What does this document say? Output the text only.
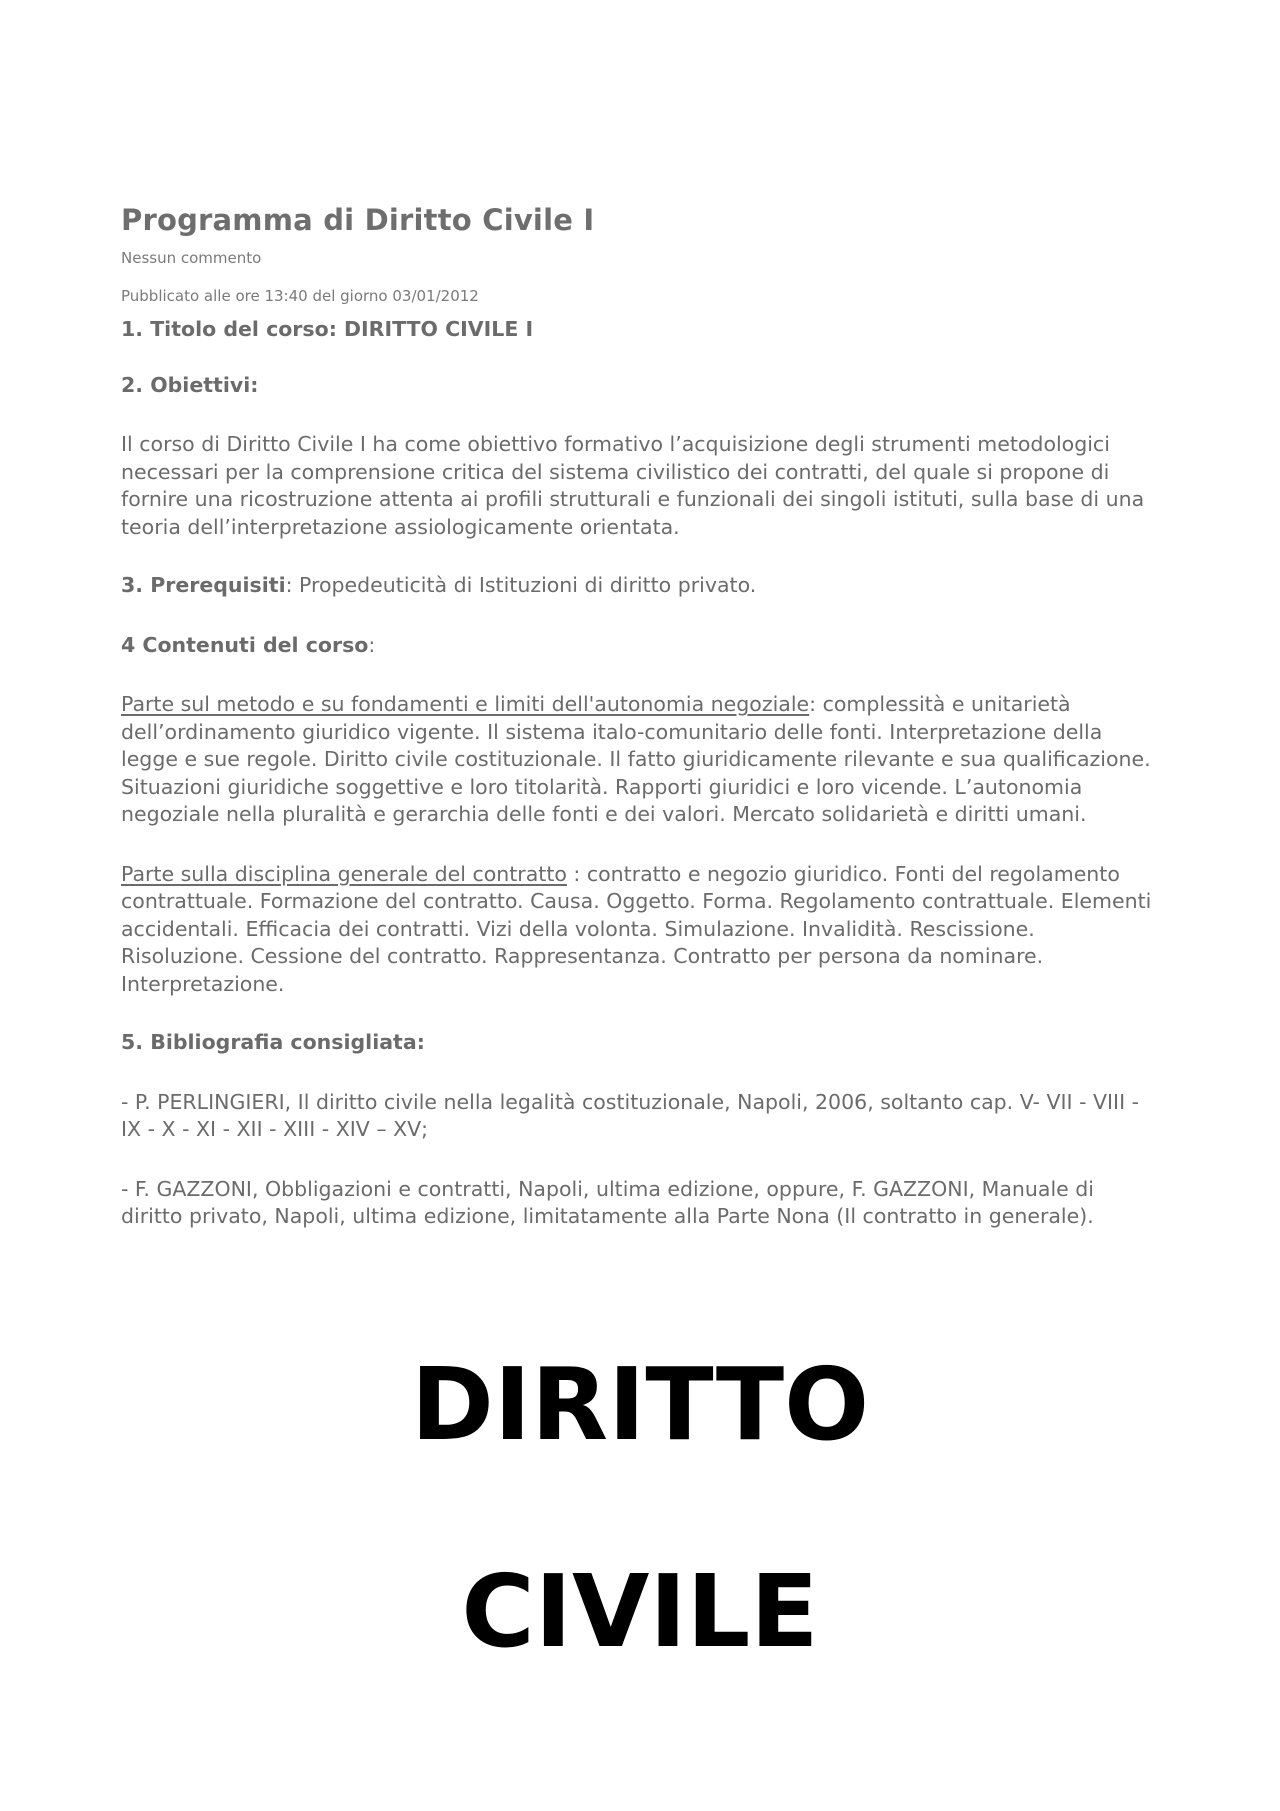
Programma di Diritto Civile I

Nessun commento

Pubblicato alle ore 13:40 del giorno 03/01/2012

1. Titolo del corso: DIRITTO CIVILE I

2. Obiettivi:

Il corso di Diritto Civile I ha come obiettivo formativo l’acquisizione degli strumenti metodologici necessari per la comprensione critica del sistema civilistico dei contratti, del quale si propone di fornire una ricostruzione attenta ai profili strutturali e funzionali dei singoli istituti, sulla base di una teoria dell’interpretazione assiologicamente orientata.

3. Prerequisiti: Propedeuticità di Istituzioni di diritto privato.

4 Contenuti del corso:

Parte sul metodo e su fondamenti e limiti dell'autonomia negoziale: complessità e unitarietà dell’ordinamento giuridico vigente. Il sistema italo-comunitario delle fonti. Interpretazione della legge e sue regole. Diritto civile costituzionale. Il fatto giuridicamente rilevante e sua qualificazione. Situazioni giuridiche soggettive e loro titolarità. Rapporti giuridici e loro vicende. L’autonomia negoziale nella pluralità e gerarchia delle fonti e dei valori. Mercato solidarietà e diritti umani.

Parte sulla disciplina generale del contratto : contratto e negozio giuridico. Fonti del regolamento contrattuale. Formazione del contratto. Causa. Oggetto. Forma. Regolamento contrattuale. Elementi accidentali. Efficacia dei contratti. Vizi della volonta. Simulazione. Invalidità. Rescissione. Risoluzione. Cessione del contratto. Rappresentanza. Contratto per persona da nominare. Interpretazione.

5. Bibliografia consigliata:

- P. PERLINGIERI, Il diritto civile nella legalità costituzionale, Napoli, 2006, soltanto cap. V- VII - VIII - IX - X - XI - XII - XIII - XIV – XV;

- F. GAZZONI, Obbligazioni e contratti, Napoli, ultima edizione, oppure, F. GAZZONI, Manuale di diritto privato, Napoli, ultima edizione, limitatamente alla Parte Nona (Il contratto in generale).

DIRITTO

CIVILE
